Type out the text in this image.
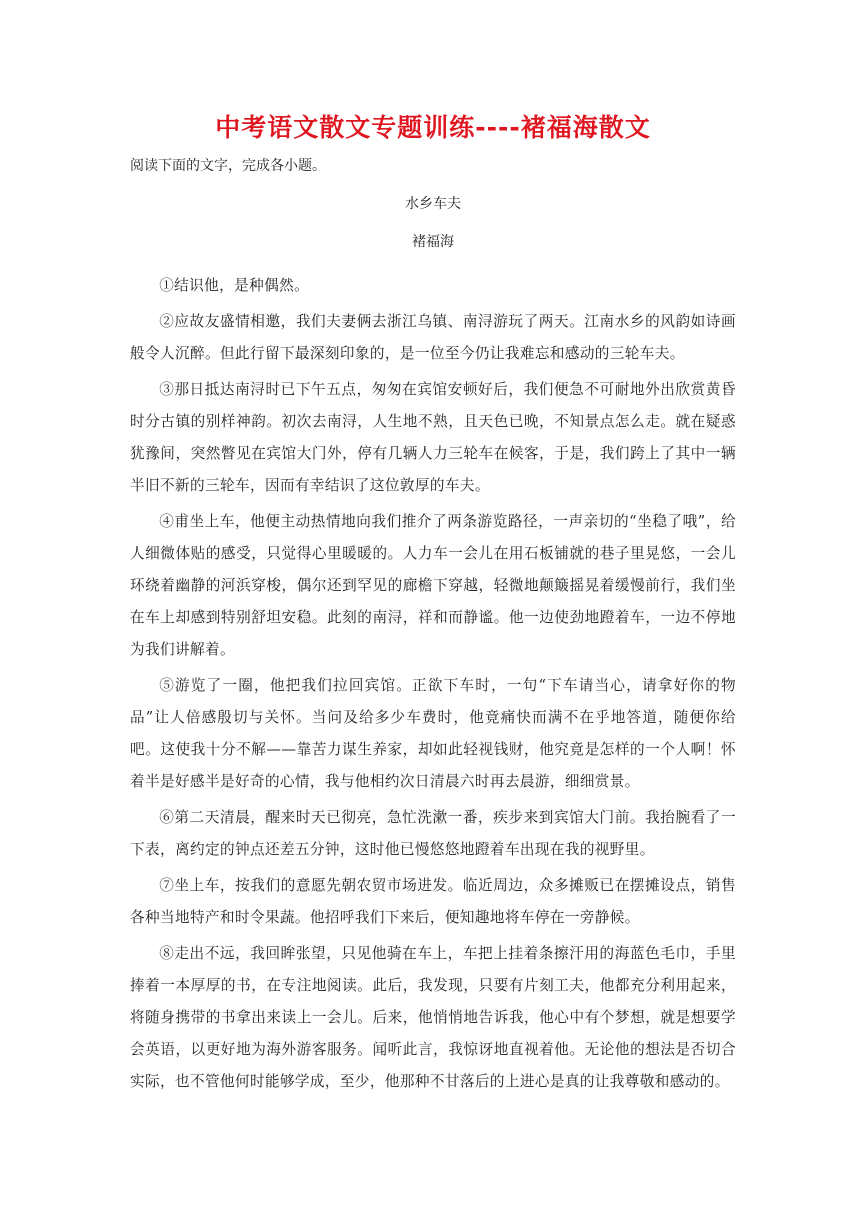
中考语文散文专题训练----褚福海散文

阅读下面的文字，完成各小题。

水乡车夫

褚福海

①结识他，是种偶然。

②应故友盛情相邀，我们夫妻俩去浙江乌镇、南浔游玩了两天。江南水乡的风韵如诗画般令人沉醉。但此行留下最深刻印象的，是一位至今仍让我难忘和感动的三轮车夫。

③那日抵达南浔时已下午五点，匆匆在宾馆安顿好后，我们便急不可耐地外出欣赏黄昏时分古镇的别样神韵。初次去南浔，人生地不熟，且天色已晚，不知景点怎么走。就在疑惑犹豫间，突然瞥见在宾馆大门外，停有几辆人力三轮车在候客，于是，我们跨上了其中一辆半旧不新的三轮车，因而有幸结识了这位敦厚的车夫。

④甫坐上车，他便主动热情地向我们推介了两条游览路径，一声亲切的“坐稳了哦”，给人细微体贴的感受，只觉得心里暖暖的。人力车一会儿在用石板铺就的巷子里晃悠，一会儿环绕着幽静的河浜穿梭，偶尔还到罕见的廊檐下穿越，轻微地颠簸摇晃着缓慢前行，我们坐在车上却感到特别舒坦安稳。此刻的南浔，祥和而静谧。他一边使劲地蹬着车，一边不停地为我们讲解着。

⑤游览了一圈，他把我们拉回宾馆。正欲下车时，一句“下车请当心，请拿好你的物品”让人倍感殷切与关怀。当问及给多少车费时，他竟痛快而满不在乎地答道，随便你给吧。这使我十分不解——靠苦力谋生养家，却如此轻视钱财，他究竟是怎样的一个人啊！怀着半是好感半是好奇的心情，我与他相约次日清晨六时再去晨游，细细赏景。

⑥第二天清晨，醒来时天已彻亮，急忙洗漱一番，疾步来到宾馆大门前。我抬腕看了一下表，离约定的钟点还差五分钟，这时他已慢悠悠地蹬着车出现在我的视野里。

⑦坐上车，按我们的意愿先朝农贸市场进发。临近周边，众多摊贩已在摆摊设点，销售各种当地特产和时令果蔬。他招呼我们下来后，便知趣地将车停在一旁静候。

⑧走出不远，我回眸张望，只见他骑在车上，车把上挂着条擦汗用的海蓝色毛巾，手里捧着一本厚厚的书，在专注地阅读。此后，我发现，只要有片刻工夫，他都充分利用起来，将随身携带的书拿出来读上一会儿。后来，他悄悄地告诉我，他心中有个梦想，就是想要学会英语，以更好地为海外游客服务。闻听此言，我惊讶地直视着他。无论他的想法是否切合实际，也不管他何时能够学成，至少，他那种不甘落后的上进心是真的让我尊敬和感动的。
